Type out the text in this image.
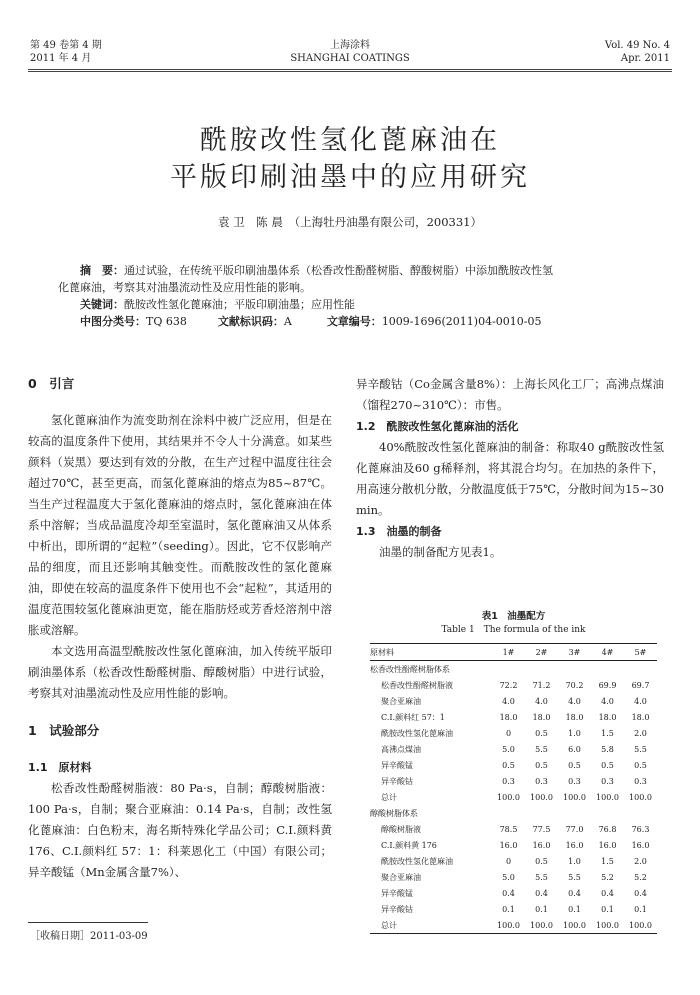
第 49 卷第 4 期
2011 年 4 月
上海涂料
SHANGHAI COATINGS
Vol. 49 No. 4
Apr. 2011
酰胺改性氢化蓖麻油在
平版印刷油墨中的应用研究
袁 卫　陈 晨　（上海牡丹油墨有限公司，200331）
摘　要：通过试验，在传统平版印刷油墨体系（松香改性酚醛树脂、醇酸树脂）中添加酰胺改性氢
化蓖麻油，考察其对油墨流动性及应用性能的影响。
关键词：酰胺改性氢化蓖麻油；平版印刷油墨；应用性能
中图分类号：TQ 638	文献标识码：A	文章编号：1009-1696(2011)04-0010-05
0　引言

氢化蓖麻油作为流变助剂在涂料中被广泛应用，但是在较高的温度条件下使用，其结果并不令人十分满意。如某些颜料（炭黑）要达到有效的分散，在生产过程中温度往往会超过70℃，甚至更高，而氢化蓖麻油的熔点为85~87℃。当生产过程温度大于氢化蓖麻油的熔点时，氢化蓖麻油在体系中溶解；当成品温度冷却至室温时，氢化蓖麻油又从体系中析出，即所谓的“起粒”（seeding）。因此，它不仅影响产品的细度，而且还影响其触变性。而酰胺改性的氢化蓖麻油，即使在较高的温度条件下使用也不会“起粒”，其适用的温度范围较氢化蓖麻油更宽，能在脂肪烃或芳香烃溶剂中溶胀或溶解。

本文选用高温型酰胺改性氢化蓖麻油，加入传统平版印刷油墨体系（松香改性酚醛树脂、醇酸树脂）中进行试验，考察其对油墨流动性及应用性能的影响。

1　试验部分
1.1　原材料

松香改性酚醛树脂液：80 Pa·s，自制；醇酸树脂液：100 Pa·s，自制；聚合亚麻油：0.14 Pa·s，自制；改性氢化蓖麻油：白色粉末，海名斯特殊化学品公司；C.I.颜料黄 176、C.I.颜料红 57：1：科莱恩化工（中国）有限公司；异辛酸锰（Mn金属含量7%）、

［收稿日期］2011-03-09
异辛酸钴（Co金属含量8%）：上海长风化工厂；高沸点煤油（馏程270~310℃）：市售。
1.2　酰胺改性氢化蓖麻油的活化

40%酰胺改性氢化蓖麻油的制备：称取40 g酰胺改性氢化蓖麻油及60 g稀释剂，将其混合均匀。在加热的条件下，用高速分散机分散，分散温度低于75℃，分散时间为15~30 min。

1.3　油墨的制备

油墨的制备配方见表1。

表1　油墨配方
Table 1　The formula of the ink
原材料	1#	2#	3#	4#	5#
松香改性酚醛树脂体系					
松香改性酚醛树脂液	72.2	71.2	70.2	69.9	69.7
聚合亚麻油	4.0	4.0	4.0	4.0	4.0
C.I.颜料红 57：1	18.0	18.0	18.0	18.0	18.0
酰胺改性氢化蓖麻油	0	0.5	1.0	1.5	2.0
高沸点煤油	5.0	5.5	6.0	5.8	5.5
异辛酸锰	0.5	0.5	0.5	0.5	0.5
异辛酸钴	0.3	0.3	0.3	0.3	0.3
总计	100.0	100.0	100.0	100.0	100.0
醇酸树脂体系					
醇酸树脂液	78.5	77.5	77.0	76.8	76.3
C.I.颜料黄 176	16.0	16.0	16.0	16.0	16.0
酰胺改性氢化蓖麻油	0	0.5	1.0	1.5	2.0
聚合亚麻油	5.0	5.5	5.5	5.2	5.2
异辛酸锰	0.4	0.4	0.4	0.4	0.4
异辛酸钴	0.1	0.1	0.1	0.1	0.1
总计	100.0	100.0	100.0	100.0	100.0
